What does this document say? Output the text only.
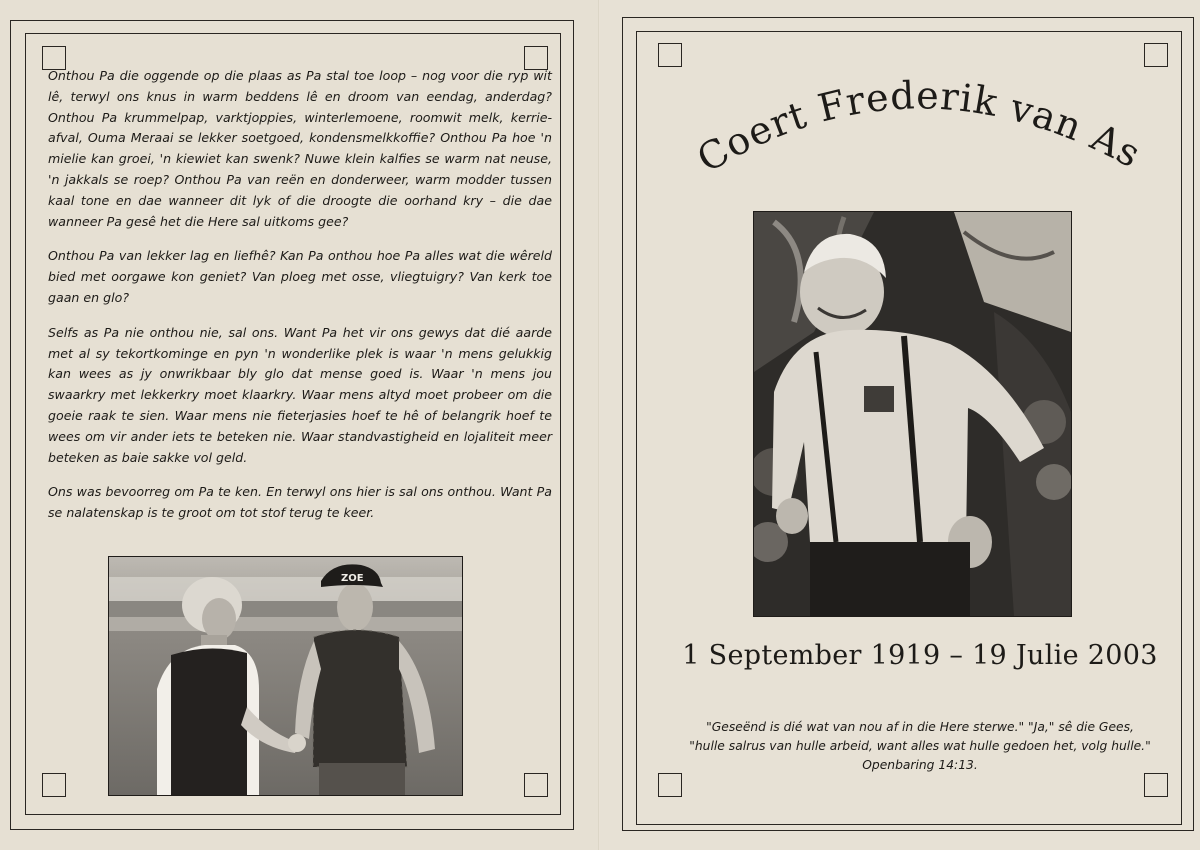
Onthou Pa die oggende op die plaas as Pa stal toe loop – nog voor die ryp wit lê, terwyl ons knus in warm beddens lê en droom van eendag, anderdag? Onthou Pa krummelpap, varktjoppies, winterlemoene, roomwit melk, kerrie-afval, Ouma Meraai se lekker soetgoed, kondensmelkkoffie? Onthou Pa hoe 'n mielie kan groei, 'n kiewiet kan swenk? Nuwe klein kalfies se warm nat neuse, 'n jakkals se roep? Onthou Pa van reën en donderweer, warm modder tussen kaal tone en dae wanneer dit lyk of die droogte die oorhand kry – die dae wanneer Pa gesê het die Here sal uitkoms gee?

Onthou Pa van lekker lag en liefhê? Kan Pa onthou hoe Pa alles wat die wêreld bied met oorgawe kon geniet? Van ploeg met osse, vliegtuigry? Van kerk toe gaan en glo?

Selfs as Pa nie onthou nie, sal ons. Want Pa het vir ons gewys dat dié aarde met al sy tekortkominge en pyn 'n wonderlike plek is waar 'n mens gelukkig kan wees as jy onwrikbaar bly glo dat mense goed is. Waar 'n mens jou swaarkry met lekkerkry moet klaarkry. Waar mens altyd moet probeer om die goeie raak te sien. Waar mens nie fieterjasies hoef te hê of belangrik hoef te wees om vir ander iets te beteken nie. Waar standvastigheid en lojaliteit meer beteken as baie sakke vol geld.

Ons was bevoorreg om Pa te ken. En terwyl ons hier is sal ons onthou. Want Pa se nalatenskap is te groot om tot stof terug te keer.

ZOE
Coert Frederik van As
1 September 1919 – 19 Julie 2003
"Geseënd is dié wat van nou af in die Here sterwe." "Ja," sê die Gees,
"hulle salrus van hulle arbeid, want alles wat hulle gedoen het, volg hulle."
Openbaring 14:13.
